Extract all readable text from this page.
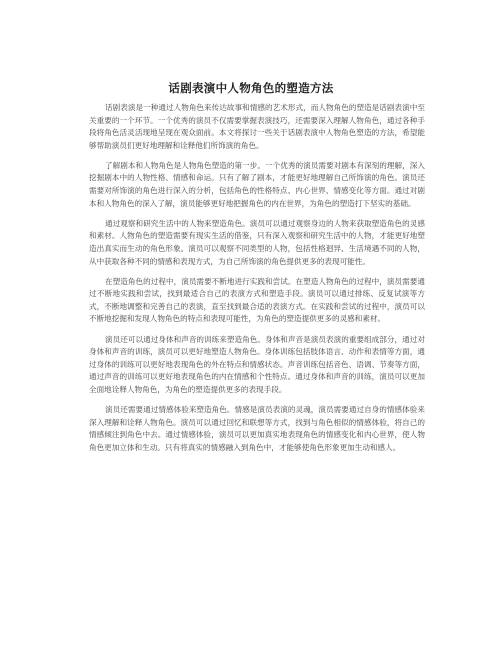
话剧表演中人物角色的塑造方法

话剧表演是一种通过人物角色来传达故事和情感的艺术形式，而人物角色的塑造是话剧表演中至关重要的一个环节。一个优秀的演员不仅需要掌握表演技巧，还需要深入理解人物角色，通过各种手段将角色活灵活现地呈现在观众面前。本文将探讨一些关于话剧表演中人物角色塑造的方法，希望能够帮助演员们更好地理解和诠释他们所饰演的角色。

了解剧本和人物角色是人物角色塑造的第一步。一个优秀的演员需要对剧本有深刻的理解，深入挖掘剧本中的人物性格、情感和命运。只有了解了剧本，才能更好地理解自己所饰演的角色。演员还需要对所饰演的角色进行深入的分析，包括角色的性格特点、内心世界、情感变化等方面。通过对剧本和人物角色的深入了解，演员能够更好地把握角色的内在世界，为角色的塑造打下坚实的基础。

通过观察和研究生活中的人物来塑造角色。演员可以通过观察身边的人物来获取塑造角色的灵感和素材。人物角色的塑造需要有现实生活的借鉴，只有深入观察和研究生活中的人物，才能更好地塑造出真实而生动的角色形象。演员可以观察不同类型的人物，包括性格迥异、生活境遇不同的人物，从中获取各种不同的情感和表现方式，为自己所饰演的角色提供更多的表现可能性。

在塑造角色的过程中，演员需要不断地进行实践和尝试。在塑造人物角色的过程中，演员需要通过不断地实践和尝试，找到最适合自己的表演方式和塑造手段。演员可以通过排练、反复试演等方式，不断地调整和完善自己的表演，直至找到最合适的表演方式。在实践和尝试的过程中，演员可以不断地挖掘和发现人物角色的特点和表现可能性，为角色的塑造提供更多的灵感和素材。

演员还可以通过身体和声音的训练来塑造角色。身体和声音是演员表演的重要组成部分，通过对身体和声音的训练，演员可以更好地塑造人物角色。身体训练包括肢体语言、动作和表情等方面，通过身体的训练可以更好地表现角色的外在特点和情感状态。声音训练包括音色、语调、节奏等方面，通过声音的训练可以更好地表现角色的内在情感和个性特点。通过身体和声音的训练，演员可以更加全面地诠释人物角色，为角色的塑造提供更多的表现手段。

演员还需要通过情感体验来塑造角色。情感是演员表演的灵魂，演员需要通过自身的情感体验来深入理解和诠释人物角色。演员可以通过回忆和联想等方式，找到与角色相似的情感体验，将自己的情感倾注到角色中去。通过情感体验，演员可以更加真实地表现角色的情感变化和内心世界，使人物角色更加立体和生动。只有将真实的情感融入到角色中，才能够使角色形象更加生动和感人。
